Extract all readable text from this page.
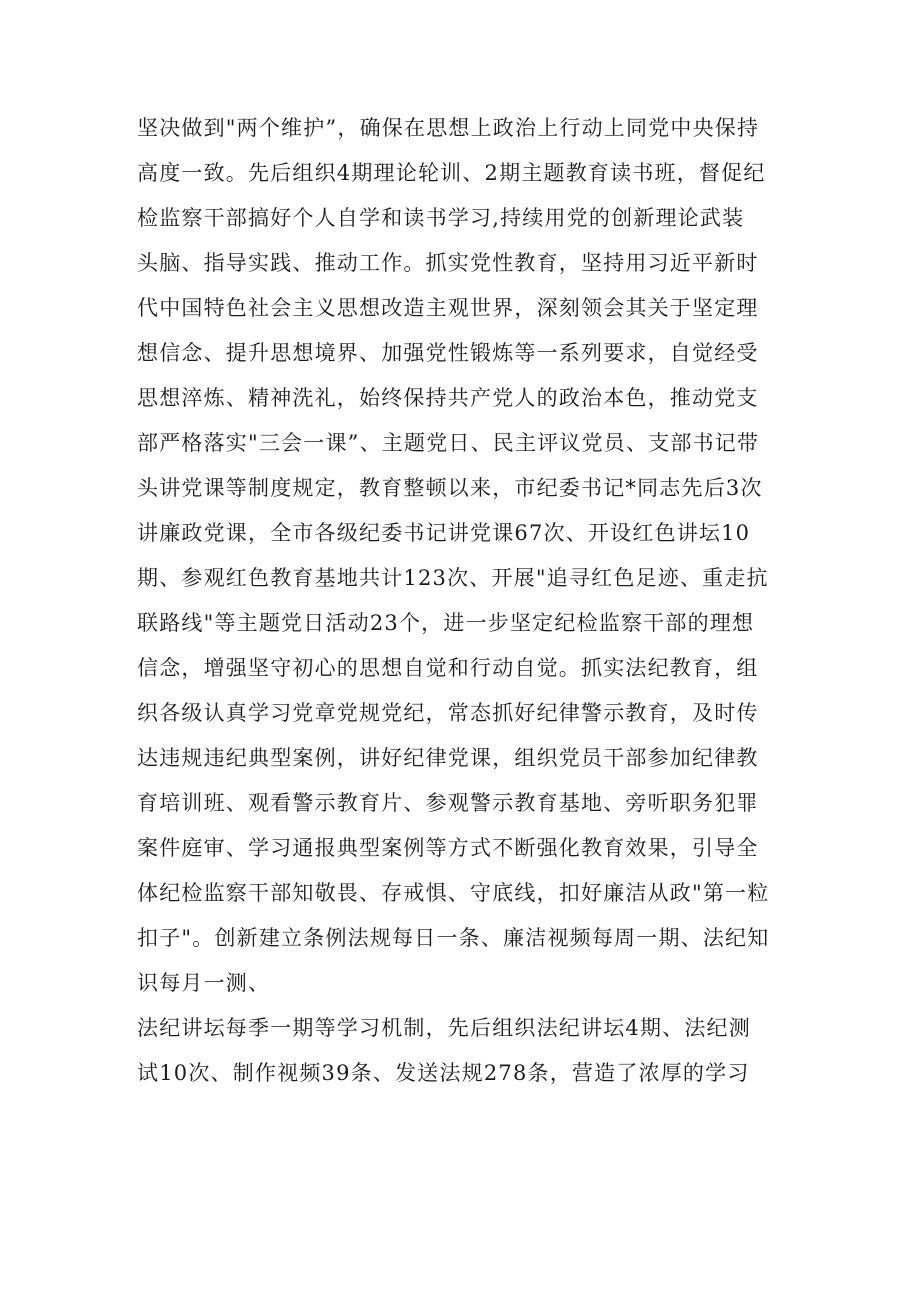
坚决做到"两个维护”，确保在思想上政治上行动上同党中央保持
高度一致。先后组织4期理论轮训、2期主题教育读书班，督促纪
检监察干部搞好个人自学和读书学习,持续用党的创新理论武装
头脑、指导实践、推动工作。抓实党性教育，坚持用习近平新时
代中国特色社会主义思想改造主观世界，深刻领会其关于坚定理
想信念、提升思想境界、加强党性锻炼等一系列要求，自觉经受
思想淬炼、精神洗礼，始终保持共产党人的政治本色，推动党支
部严格落实"三会一课”、主题党日、民主评议党员、支部书记带
头讲党课等制度规定，教育整顿以来，市纪委书记*同志先后3次
讲廉政党课，全市各级纪委书记讲党课67次、开设红色讲坛10
期、参观红色教育基地共计123次、开展"追寻红色足迹、重走抗
联路线"等主题党日活动23个，进一步坚定纪检监察干部的理想
信念，增强坚守初心的思想自觉和行动自觉。抓实法纪教育，组
织各级认真学习党章党规党纪，常态抓好纪律警示教育，及时传
达违规违纪典型案例，讲好纪律党课，组织党员干部参加纪律教
育培训班、观看警示教育片、参观警示教育基地、旁听职务犯罪
案件庭审、学习通报典型案例等方式不断强化教育效果，引导全
体纪检监察干部知敬畏、存戒惧、守底线，扣好廉洁从政"第一粒
扣子"。创新建立条例法规每日一条、廉洁视频每周一期、法纪知
识每月一测、
法纪讲坛每季一期等学习机制，先后组织法纪讲坛4期、法纪测
试10次、制作视频39条、发送法规278条，营造了浓厚的学习
